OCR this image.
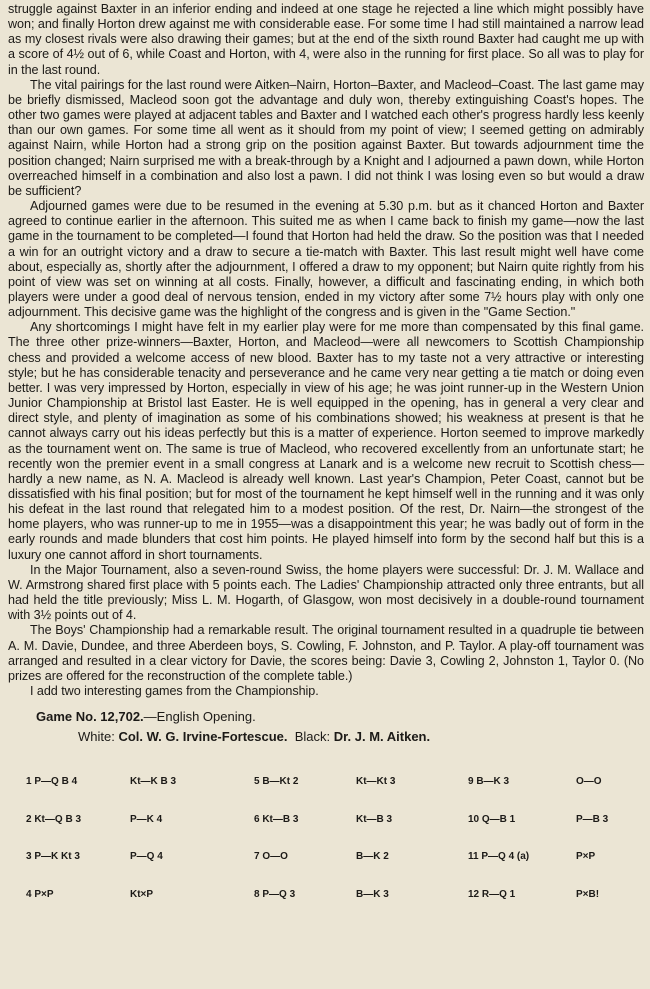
struggle against Baxter in an inferior ending and indeed at one stage he rejected a line which might possibly have won; and finally Horton drew against me with considerable ease. For some time I had still maintained a narrow lead as my closest rivals were also drawing their games; but at the end of the sixth round Baxter had caught me up with a score of 4½ out of 6, while Coast and Horton, with 4, were also in the running for first place. So all was to play for in the last round.

The vital pairings for the last round were Aitken–Nairn, Horton–Baxter, and Macleod–Coast. The last game may be briefly dismissed, Macleod soon got the advantage and duly won, thereby extinguishing Coast's hopes. The other two games were played at adjacent tables and Baxter and I watched each other's progress hardly less keenly than our own games. For some time all went as it should from my point of view; I seemed getting on admirably against Nairn, while Horton had a strong grip on the position against Baxter. But towards adjournment time the position changed; Nairn surprised me with a break-through by a Knight and I adjourned a pawn down, while Horton overreached himself in a combination and also lost a pawn. I did not think I was losing even so but would a draw be sufficient?

Adjourned games were due to be resumed in the evening at 5.30 p.m. but as it chanced Horton and Baxter agreed to continue earlier in the afternoon. This suited me as when I came back to finish my game—now the last game in the tournament to be completed—I found that Horton had held the draw. So the position was that I needed a win for an outright victory and a draw to secure a tie-match with Baxter. This last result might well have come about, especially as, shortly after the adjournment, I offered a draw to my opponent; but Nairn quite rightly from his point of view was set on winning at all costs. Finally, however, a difficult and fascinating ending, in which both players were under a good deal of nervous tension, ended in my victory after some 7½ hours play with only one adjournment. This decisive game was the highlight of the congress and is given in the "Game Section."

Any shortcomings I might have felt in my earlier play were for me more than compensated by this final game. The three other prize-winners—Baxter, Horton, and Macleod—were all newcomers to Scottish Championship chess and provided a welcome access of new blood. Baxter has to my taste not a very attractive or interesting style; but he has considerable tenacity and perseverance and he came very near getting a tie match or doing even better. I was very impressed by Horton, especially in view of his age; he was joint runner-up in the Western Union Junior Championship at Bristol last Easter. He is well equipped in the opening, has in general a very clear and direct style, and plenty of imagination as some of his combinations showed; his weakness at present is that he cannot always carry out his ideas perfectly but this is a matter of experience. Horton seemed to improve markedly as the tournament went on. The same is true of Macleod, who recovered excellently from an unfortunate start; he recently won the premier event in a small congress at Lanark and is a welcome new recruit to Scottish chess—hardly a new name, as N. A. Macleod is already well known. Last year's Champion, Peter Coast, cannot but be dissatisfied with his final position; but for most of the tournament he kept himself well in the running and it was only his defeat in the last round that relegated him to a modest position. Of the rest, Dr. Nairn—the strongest of the home players, who was runner-up to me in 1955—was a disappointment this year; he was badly out of form in the early rounds and made blunders that cost him points. He played himself into form by the second half but this is a luxury one cannot afford in short tournaments.

In the Major Tournament, also a seven-round Swiss, the home players were successful: Dr. J. M. Wallace and W. Armstrong shared first place with 5 points each. The Ladies' Championship attracted only three entrants, but all had held the title previously; Miss L. M. Hogarth, of Glasgow, won most decisively in a double-round tournament with 3½ points out of 4.

The Boys' Championship had a remarkable result. The original tournament resulted in a quadruple tie between A. M. Davie, Dundee, and three Aberdeen boys, S. Cowling, F. Johnston, and P. Taylor. A play-off tournament was arranged and resulted in a clear victory for Davie, the scores being: Davie 3, Cowling 2, Johnston 1, Taylor 0. (No prizes are offered for the reconstruction of the complete table.)

I add two interesting games from the Championship.

Game No. 12,702.—English Opening.
White: Col. W. G. Irvine-Fortescue. Black: Dr. J. M. Aitken.

1 P—Q B 4

2 Kt—Q B 3

3 P—K Kt 3

4 P×P

Kt—K B 3

P—K 4

P—Q 4

Kt×P

5 B—Kt 2

6 Kt—B 3

7 O—O

8 P—Q 3

Kt—Kt 3

Kt—B 3

B—K 2

B—K 3

9 B—K 3

10 Q—B 1

11 P—Q 4 (a)

12 R—Q 1

O—O

P—B 3

P×P

P×B!
